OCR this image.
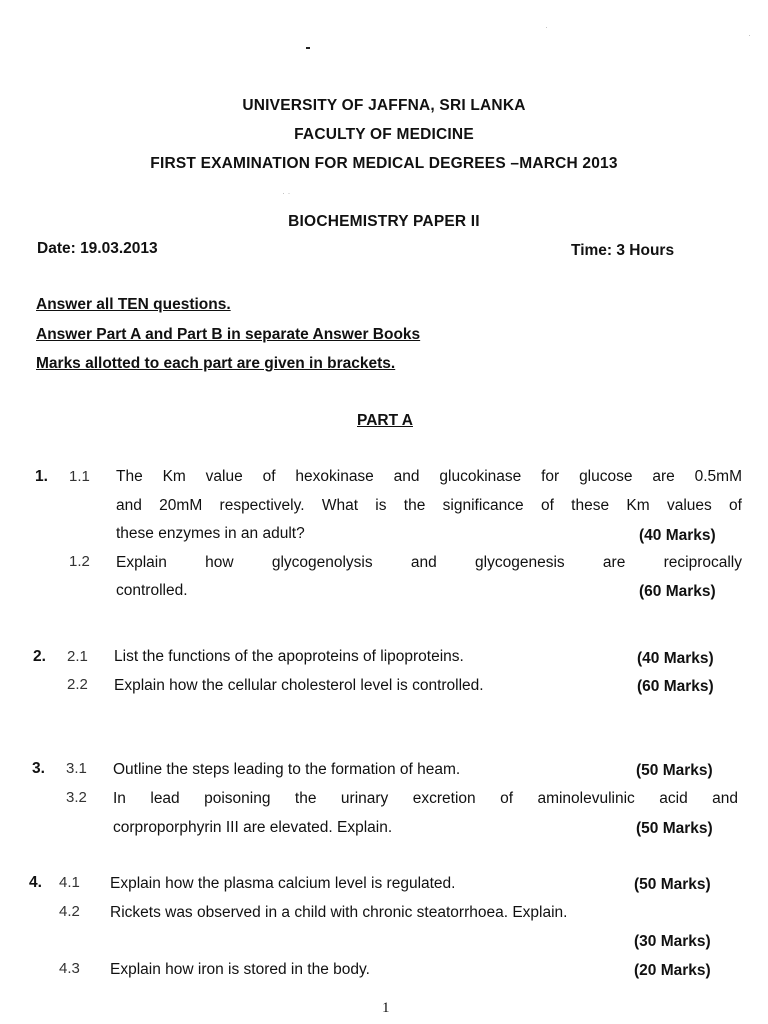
·
·
· ·
UNIVERSITY OF JAFFNA, SRI LANKA
FACULTY OF MEDICINE
FIRST EXAMINATION FOR MEDICAL DEGREES –MARCH 2013
BIOCHEMISTRY PAPER II
Date: 19.03.2013	Time: 3 Hours
Answer all TEN questions.
Answer Part A and Part B in separate Answer Books
Marks allotted to each part are given in brackets.
PART A
1. 1.1 The Km value of hexokinase and glucokinase for glucose are 0.5mM
and 20mM respectively. What is the significance of these Km values of
these enzymes in an adult?	(40 Marks)
1.2 Explain how glycogenolysis and glycogenesis are reciprocally
controlled.	(60 Marks)
2. 2.1 List the functions of the apoproteins of lipoproteins.	(40 Marks)
2.2 Explain how the cellular cholesterol level is controlled.	(60 Marks)
3. 3.1 Outline the steps leading to the formation of heam.	(50 Marks)
3.2 In lead poisoning the urinary excretion of aminolevulinic acid and
corproporphyrin III are elevated. Explain.	(50 Marks)
4. 4.1 Explain how the plasma calcium level is regulated.	(50 Marks)
4.2 Rickets was observed in a child with chronic steatorrhoea. Explain.
(30 Marks)
4.3 Explain how iron is stored in the body.	(20 Marks)
1
